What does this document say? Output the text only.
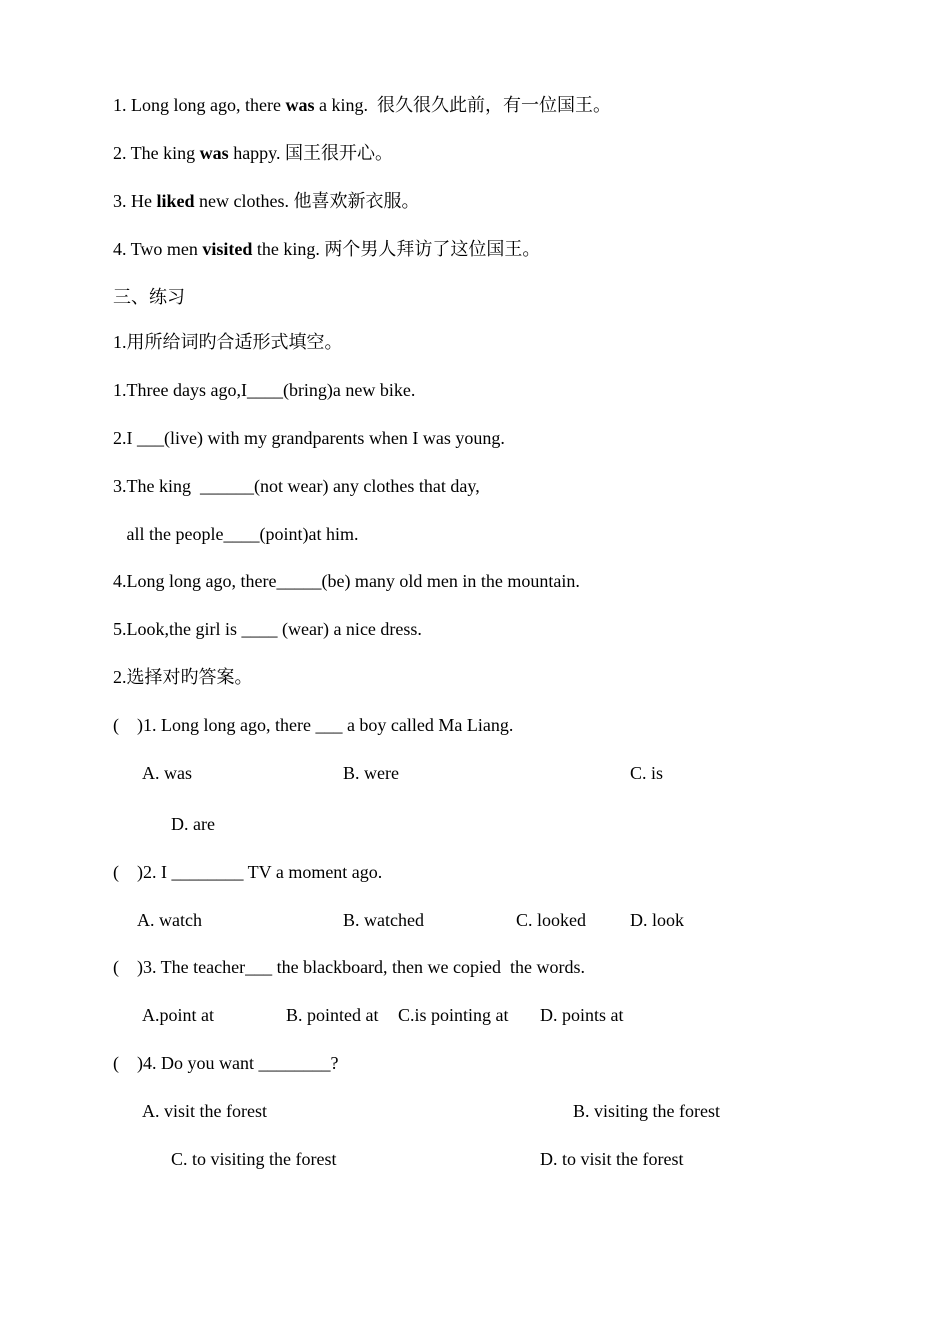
1. Long long ago, there was a king.  很久很久此前，有一位国王。
2. The king was happy. 国王很开心。
3. He liked new clothes. 他喜欢新衣服。
4. Two men visited the king. 两个男人拜访了这位国王。
三、练习
1.用所给词旳合适形式填空。
1.Three days ago,I____(bring)a new bike.
2.I ___(live) with my grandparents when I was young.
3.The king  ______(not wear) any clothes that day,
all the people____(point)at him.
4.Long long ago, there_____(be) many old men in the mountain.
5.Look,the girl is ____ (wear) a nice dress.
2.选择对旳答案。
(    )1. Long long ago, there ___ a boy called Ma Liang.
A. was	B. were	C. is
D. are
(    )2. I ________ TV a moment ago.
A. watch	B. watched	C. looked D. look
(    )3. The teacher___ the blackboard, then we copied  the words.
A.point at	B. pointed at C.is pointing at D. points at
(    )4. Do you want ________?
A. visit the forest	B. visiting the forest
C. to visiting the forest	D. to visit the forest
